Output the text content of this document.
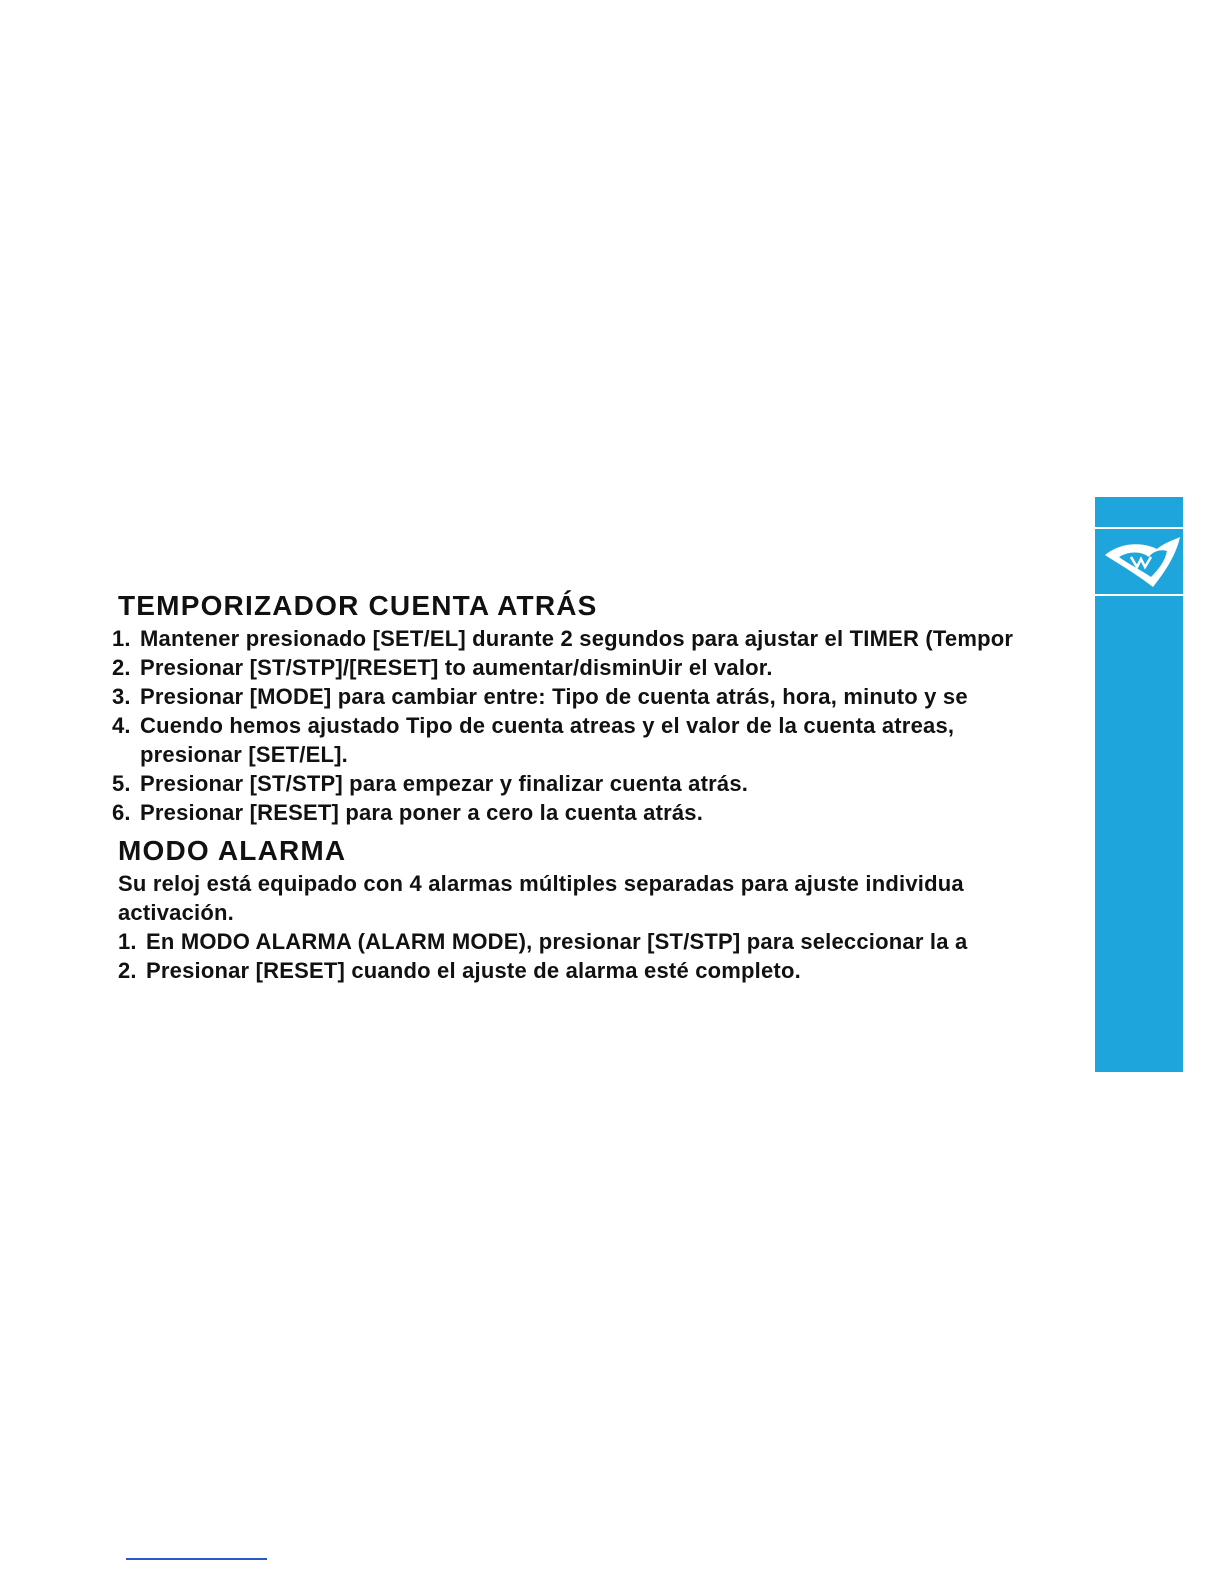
TEMPORIZADOR CUENTA ATRÁS
1. Mantener presionado [SET/EL] durante 2 segundos para ajustar el TIMER (Tempor
2. Presionar [ST/STP]/[RESET] to aumentar/disminUir el valor.
3. Presionar [MODE] para cambiar entre: Tipo de cuenta atrás, hora, minuto y se
4. Cuendo hemos ajustado Tipo de cuenta atreas y el valor de la cuenta atreas,
presionar [SET/EL].
5. Presionar [ST/STP] para empezar y finalizar cuenta atrás.
6. Presionar [RESET] para poner a cero la cuenta atrás.
MODO ALARMA
Su reloj está equipado con 4 alarmas múltiples separadas para ajuste individua
activación.
1. En MODO ALARMA (ALARM MODE), presionar [ST/STP] para seleccionar la a
2. Presionar [RESET] cuando el ajuste de alarma esté completo.
